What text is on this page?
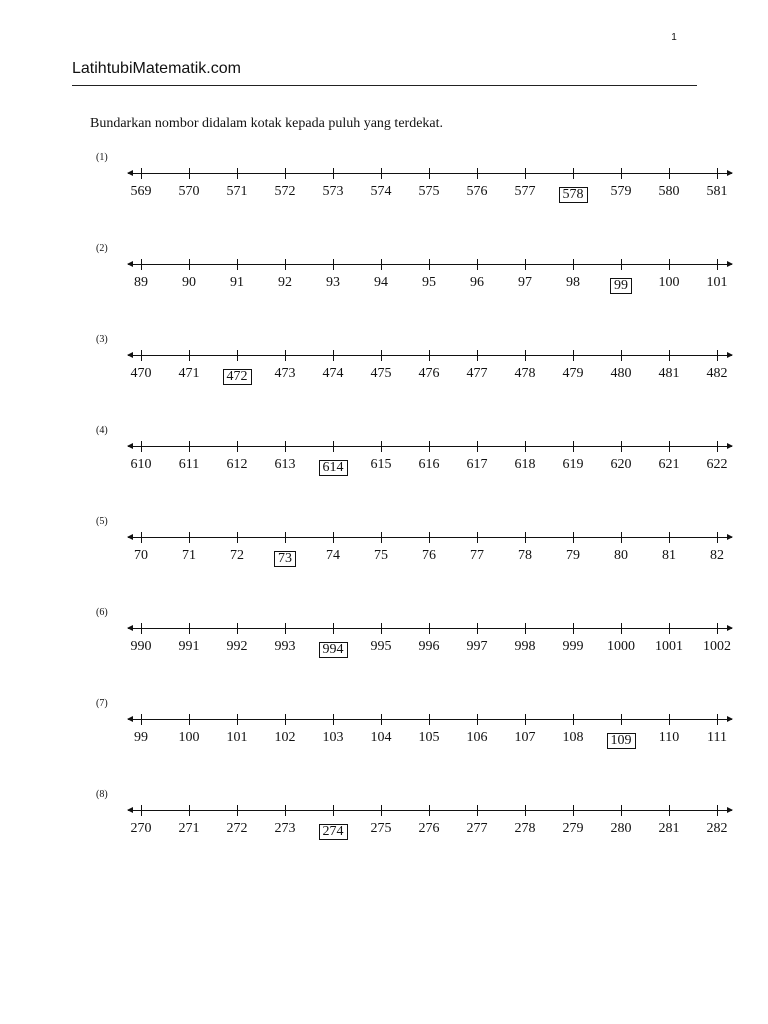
1
LatihtubiMatematik.com
Bundarkan nombor didalam kotak kepada puluh yang terdekat.
(1)
569	570	571	572	573	574	575	576	577	578	579	580	581
(2)
89	90	91	92	93	94	95	96	97	98	99	100	101
(3)
470	471	472	473	474	475	476	477	478	479	480	481	482
(4)
610	611	612	613	614	615	616	617	618	619	620	621	622
(5)
70	71	72	73	74	75	76	77	78	79	80	81	82
(6)
990	991	992	993	994	995	996	997	998	999	1000	1001	1002
(7)
99	100	101	102	103	104	105	106	107	108	109	110	111
(8)
270	271	272	273	274	275	276	277	278	279	280	281	282
